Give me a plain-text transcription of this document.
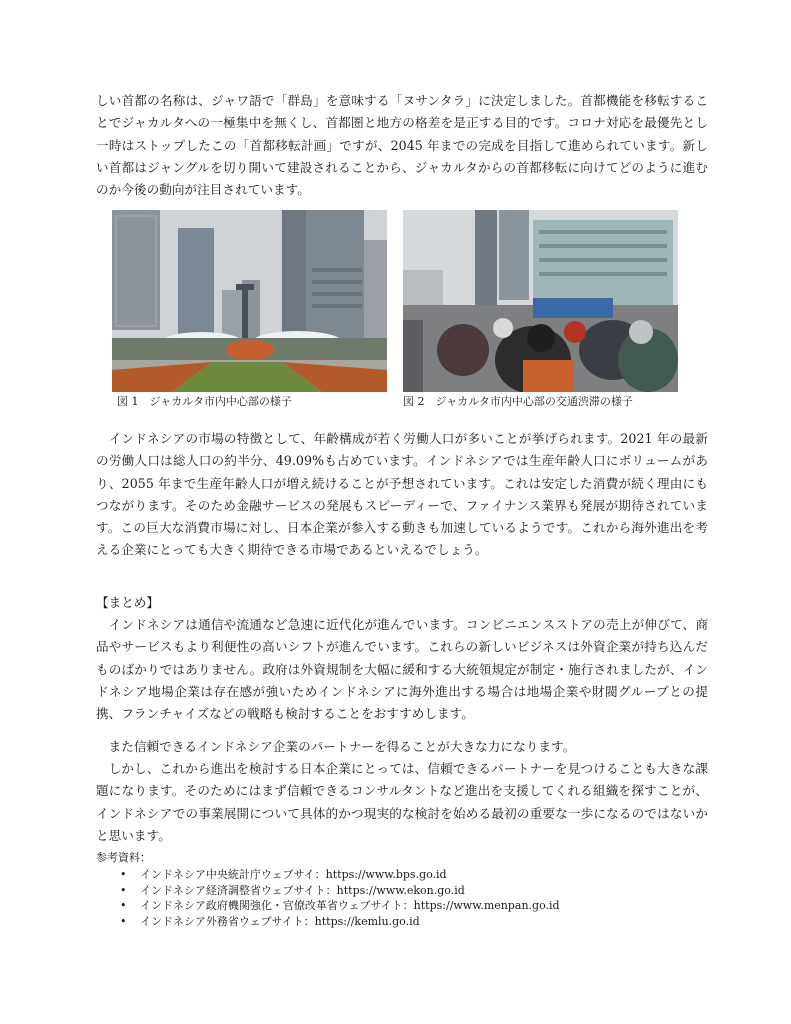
しい首都の名称は、ジャワ語で「群島」を意味する「ヌサンタラ」に決定しました。首都機能を移転することでジャカルタへの一極集中を無くし、首都圏と地方の格差を是正する目的です。コロナ対応を最優先とし一時はストップしたこの「首都移転計画」ですが、2045 年までの完成を目指して進められています。新しい首都はジャングルを切り開いて建設されることから、ジャカルタからの首都移転に向けてどのように進むのか今後の動向が注目されています。

図 1　ジャカルタ市内中心部の様子	図 2　ジャカルタ市内中心部の交通渋滞の様子

インドネシアの市場の特徴として、年齢構成が若く労働人口が多いことが挙げられます。2021 年の最新の労働人口は総人口の約半分、49.09%も占めています。インドネシアでは生産年齢人口にボリュームがあり、2055 年まで生産年齢人口が増え続けることが予想されています。これは安定した消費が続く理由にもつながります。そのため金融サービスの発展もスピーディーで、ファイナンス業界も発展が期待されています。この巨大な消費市場に対し、日本企業が参入する動きも加速しているようです。これから海外進出を考える企業にとっても大きく期待できる市場であるといえるでしょう。

【まとめ】

インドネシアは通信や流通など急速に近代化が進んでいます。コンビニエンスストアの売上が伸びて、商品やサービスもより利便性の高いシフトが進んでいます。これらの新しいビジネスは外資企業が持ち込んだものばかりではありません。政府は外資規制を大幅に緩和する大統領規定が制定・施行されましたが、インドネシア地場企業は存在感が強いためインドネシアに海外進出する場合は地場企業や財閥グループとの提携、フランチャイズなどの戦略も検討することをおすすめします。

また信頼できるインドネシア企業のパートナーを得ることが大きな力になります。

しかし、これから進出を検討する日本企業にとっては、信頼できるパートナーを見つけることも大きな課題になります。そのためにはまず信頼できるコンサルタントなど進出を支援してくれる組織を探すことが、インドネシアでの事業展開について具体的かつ現実的な検討を始める最初の重要な一歩になるのではないかと思います。

参考資料：
• インドネシア中央統計庁ウェブサイ：https://www.bps.go.id
• インドネシア経済調整省ウェブサイト：https://www.ekon.go.id
• インドネシア政府機関強化・官僚改革省ウェブサイト：https://www.menpan.go.id
• インドネシア外務省ウェブサイト：https://kemlu.go.id
